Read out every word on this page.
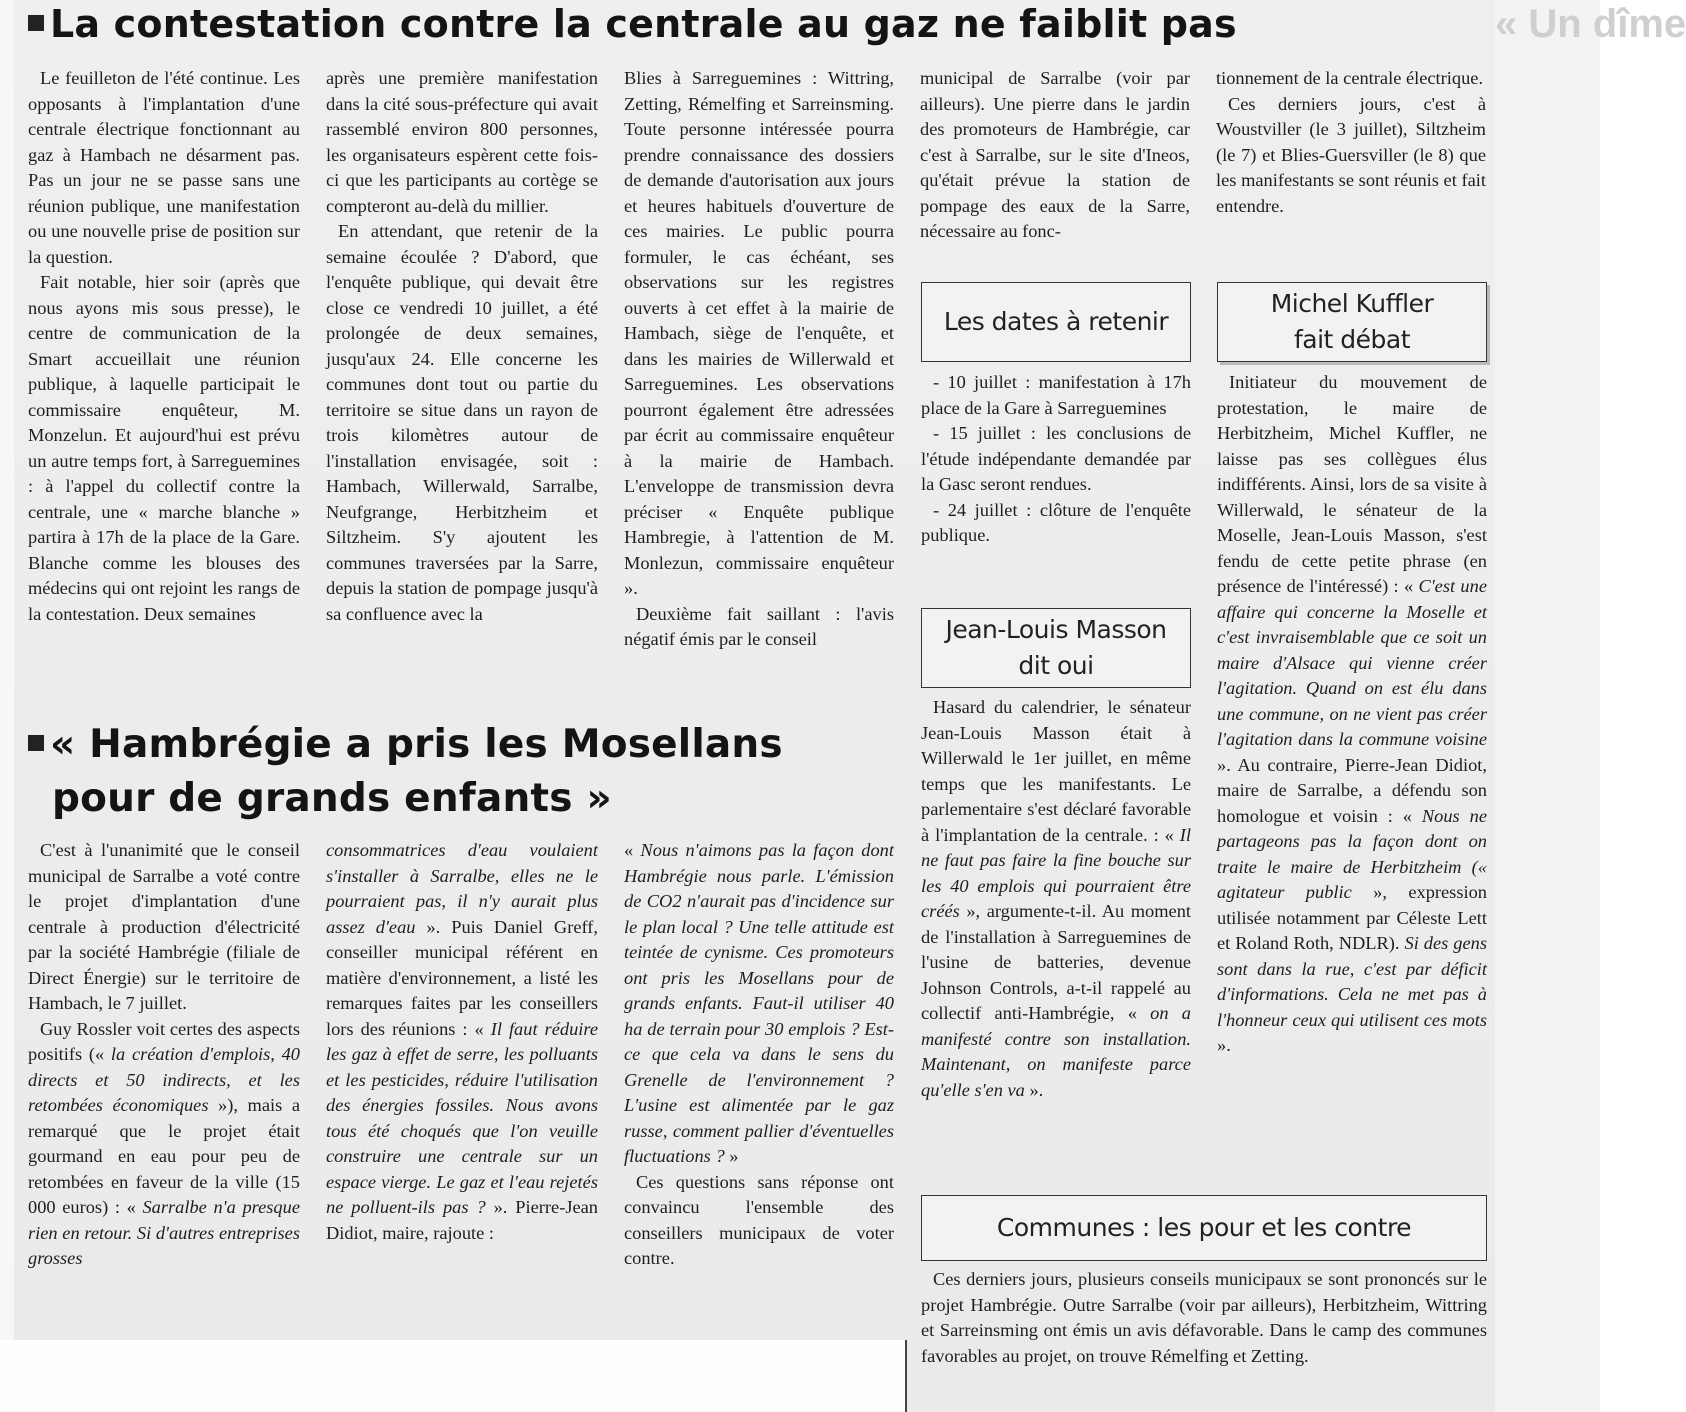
« Un dîme
La contestation contre la centrale au gaz ne faiblit pas

Le feuilleton de l'été continue. Les opposants à l'implantation d'une centrale électrique fonctionnant au gaz à Hambach ne désarment pas. Pas un jour ne se passe sans une réunion publique, une manifestation ou une nouvelle prise de position sur la question.

Fait notable, hier soir (après que nous ayons mis sous presse), le centre de communication de la Smart accueillait une réunion publique, à laquelle participait le commissaire enquêteur, M. Monzelun. Et aujourd'hui est prévu un autre temps fort, à Sarreguemines : à l'appel du collectif contre la centrale, une « marche blanche » partira à 17h de la place de la Gare. Blanche comme les blouses des médecins qui ont rejoint les rangs de la contestation. Deux semaines

après une première manifestation dans la cité sous-préfecture qui avait rassemblé environ 800 personnes, les organisateurs espèrent cette fois-ci que les participants au cortège se compteront au-delà du millier.

En attendant, que retenir de la semaine écoulée ? D'abord, que l'enquête publique, qui devait être close ce vendredi 10 juillet, a été prolongée de deux semaines, jusqu'aux 24. Elle concerne les communes dont tout ou partie du territoire se situe dans un rayon de trois kilomètres autour de l'installation envisagée, soit : Hambach, Willerwald, Sarralbe, Neufgrange, Herbitzheim et Siltzheim. S'y ajoutent les communes traversées par la Sarre, depuis la station de pompage jusqu'à sa confluence avec la

Blies à Sarreguemines : Wittring, Zetting, Rémelfing et Sarreinsming. Toute personne intéressée pourra prendre connaissance des dossiers de demande d'autorisation aux jours et heures habituels d'ouverture de ces mairies. Le public pourra formuler, le cas échéant, ses observations sur les registres ouverts à cet effet à la mairie de Hambach, siège de l'enquête, et dans les mairies de Willerwald et Sarreguemines. Les observations pourront également être adressées par écrit au commissaire enquêteur à la mairie de Hambach. L'enveloppe de transmission devra préciser « Enquête publique Hambregie, à l'attention de M. Monlezun, commissaire enquêteur ».

Deuxième fait saillant : l'avis négatif émis par le conseil

municipal de Sarralbe (voir par ailleurs). Une pierre dans le jardin des promoteurs de Hambrégie, car c'est à Sarralbe, sur le site d'Ineos, qu'était prévue la station de pompage des eaux de la Sarre, nécessaire au fonc-

tionnement de la centrale électrique.

Ces derniers jours, c'est à Woustviller (le 3 juillet), Siltzheim (le 7) et Blies-Guersviller (le 8) que les manifestants se sont réunis et fait entendre.

Les dates à retenir

- 10 juillet : manifestation à 17h place de la Gare à Sarreguemines

- 15 juillet : les conclusions de l'étude indépendante demandée par la Gasc seront rendues.

- 24 juillet : clôture de l'enquête publique.

Jean-Louis Masson
dit oui

Hasard du calendrier, le sénateur Jean-Louis Masson était à Willerwald le 1er juillet, en même temps que les manifestants. Le parlementaire s'est déclaré favorable à l'implantation de la centrale. : « Il ne faut pas faire la fine bouche sur les 40 emplois qui pourraient être créés », argumente-t-il. Au moment de l'installation à Sarreguemines de l'usine de batteries, devenue Johnson Controls, a-t-il rappelé au collectif anti-Hambrégie, « on a manifesté contre son installation. Maintenant, on manifeste parce qu'elle s'en va ».

Michel Kuffler
fait débat

Initiateur du mouvement de protestation, le maire de Herbitzheim, Michel Kuffler, ne laisse pas ses collègues élus indifférents. Ainsi, lors de sa visite à Willerwald, le sénateur de la Moselle, Jean-Louis Masson, s'est fendu de cette petite phrase (en présence de l'intéressé) : « C'est une affaire qui concerne la Moselle et c'est invraisemblable que ce soit un maire d'Alsace qui vienne créer l'agitation. Quand on est élu dans une commune, on ne vient pas créer l'agitation dans la commune voisine ». Au contraire, Pierre-Jean Didiot, maire de Sarralbe, a défendu son homologue et voisin : « Nous ne partageons pas la façon dont on traite le maire de Herbitzheim (« agitateur public », expression utilisée notamment par Céleste Lett et Roland Roth, NDLR). Si des gens sont dans la rue, c'est par déficit d'informations. Cela ne met pas à l'honneur ceux qui utilisent ces mots ».

Communes : les pour et les contre

Ces derniers jours, plusieurs conseils municipaux se sont prononcés sur le projet Hambrégie. Outre Sarralbe (voir par ailleurs), Herbitzheim, Wittring et Sarreinsming ont émis un avis défavorable. Dans le camp des communes favorables au projet, on trouve Rémelfing et Zetting.

« Hambrégie a pris les Mosellans
pour de grands enfants »

C'est à l'unanimité que le conseil municipal de Sarralbe a voté contre le projet d'implantation d'une centrale à production d'électricité par la société Hambrégie (filiale de Direct Énergie) sur le territoire de Hambach, le 7 juillet.

Guy Rossler voit certes des aspects positifs (« la création d'emplois, 40 directs et 50 indirects, et les retombées économiques »), mais a remarqué que le projet était gourmand en eau pour peu de retombées en faveur de la ville (15 000 euros) : « Sarralbe n'a presque rien en retour. Si d'autres entreprises grosses

consommatrices d'eau voulaient s'installer à Sarralbe, elles ne le pourraient pas, il n'y aurait plus assez d'eau ». Puis Daniel Greff, conseiller municipal référent en matière d'environnement, a listé les remarques faites par les conseillers lors des réunions : « Il faut réduire les gaz à effet de serre, les polluants et les pesticides, réduire l'utilisation des énergies fossiles. Nous avons tous été choqués que l'on veuille construire une centrale sur un espace vierge. Le gaz et l'eau rejetés ne polluent-ils pas ? ». Pierre-Jean Didiot, maire, rajoute :

« Nous n'aimons pas la façon dont Hambrégie nous parle. L'émission de CO2 n'aurait pas d'incidence sur le plan local ? Une telle attitude est teintée de cynisme. Ces promoteurs ont pris les Mosellans pour de grands enfants. Faut-il utiliser 40 ha de terrain pour 30 emplois ? Est-ce que cela va dans le sens du Grenelle de l'environnement ? L'usine est alimentée par le gaz russe, comment pallier d'éventuelles fluctuations ? »

Ces questions sans réponse ont convaincu l'ensemble des conseillers municipaux de voter contre.
